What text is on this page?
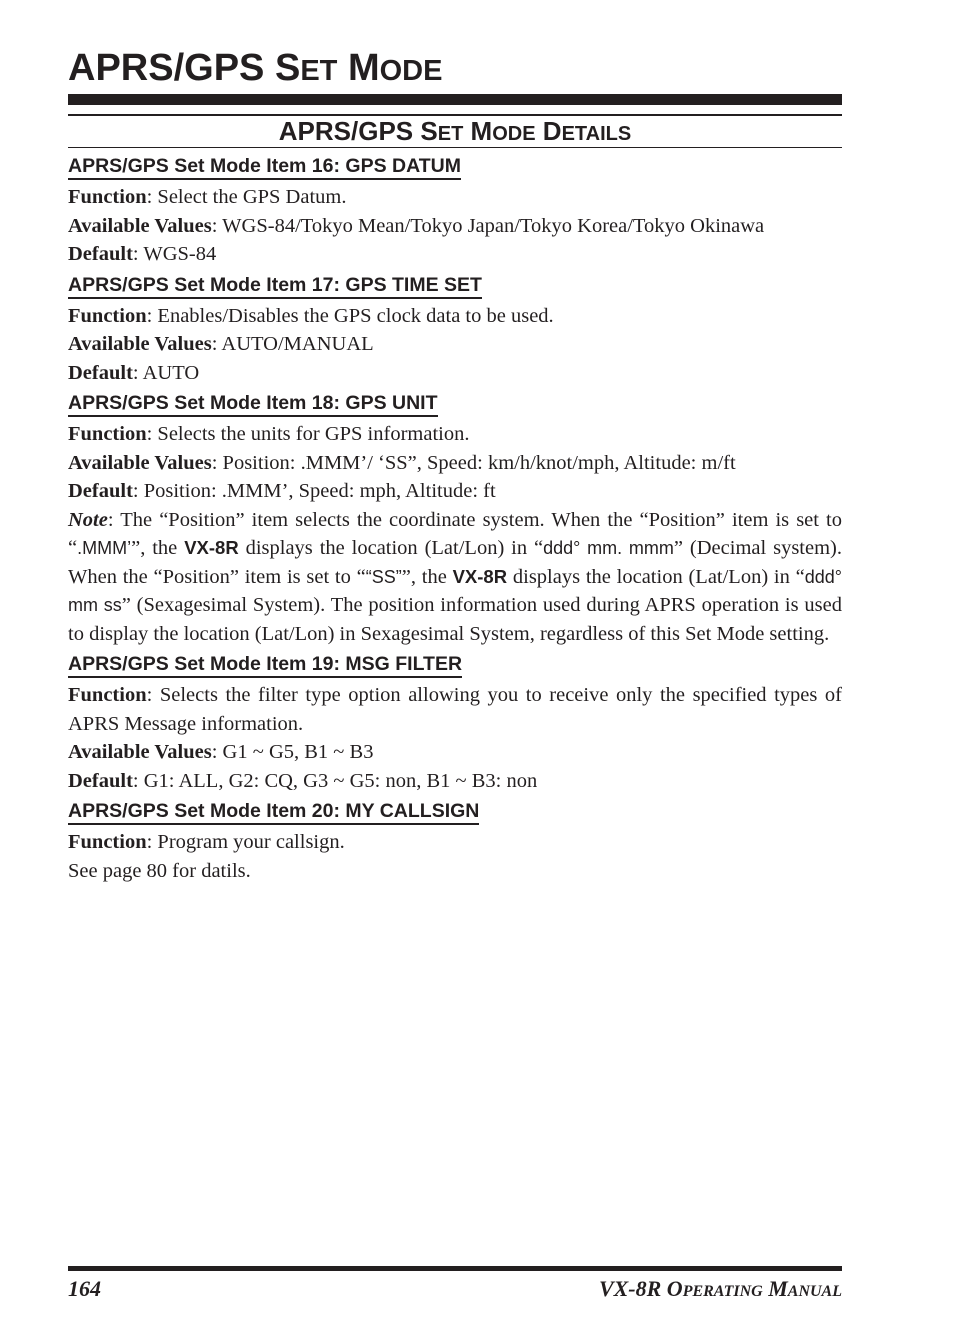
APRS/GPS SET MODE
APRS/GPS SET MODE DETAILS
APRS/GPS Set Mode Item 16: GPS DATUM
Function: Select the GPS Datum.
Available Values: WGS-84/Tokyo Mean/Tokyo Japan/Tokyo Korea/Tokyo Okinawa
Default: WGS-84
APRS/GPS Set Mode Item 17: GPS TIME SET
Function: Enables/Disables the GPS clock data to be used.
Available Values: AUTO/MANUAL
Default: AUTO
APRS/GPS Set Mode Item 18: GPS UNIT
Function: Selects the units for GPS information.
Available Values: Position: .MMM’/ ‘SS”, Speed: km/h/knot/mph, Altitude: m/ft
Default: Position: .MMM’, Speed: mph, Altitude: ft
Note: The “Position” item selects the coordinate system. When the “Position” item is set to “.MMM’”, the VX-8R displays the location (Lat/Lon) in “ddd° mm. mmm” (Decimal system). When the “Position” item is set to ““SS””, the VX-8R displays the location (Lat/Lon) in “ddd° mm ss” (Sexagesimal System). The position information used during APRS operation is used to display the location (Lat/Lon) in Sexagesimal System, regardless of this Set Mode setting.
APRS/GPS Set Mode Item 19: MSG FILTER
Function: Selects the filter type option allowing you to receive only the specified types of APRS Message information.
Available Values: G1 ~ G5, B1 ~ B3
Default: G1: ALL, G2: CQ, G3 ~ G5: non, B1 ~ B3: non
APRS/GPS Set Mode Item 20: MY CALLSIGN
Function: Program your callsign.
See page 80 for datils.
164	VX-8R OPERATING MANUAL
